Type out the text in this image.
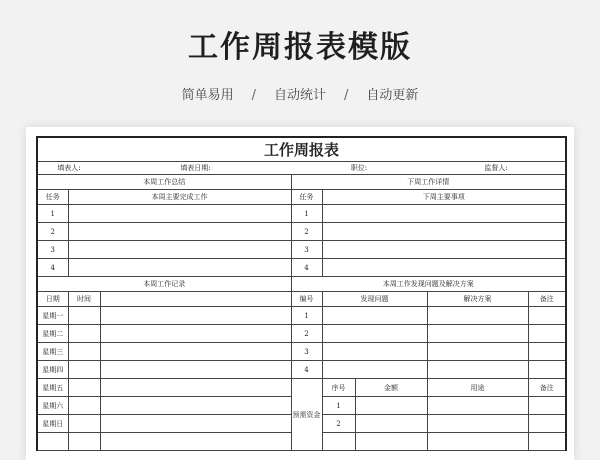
工作周报表模版
简单易用 / 自动统计 / 自动更新
工作周报表							
填表人:		填表日期:	职位:			监督人:	
本周工作总结			下周工作详情				
任务	本周主要完成工作		任务	下周主要事项			
1			1				
2			2				
3			3				
4			4				
本周工作记录			本周工作发现问题及解决方案				
日期	时间		编号	发现问题		解决方案	备注
星期一			1				
星期二			2				
星期三			3				
星期四			4				
星期五			预需资金	序号	金额	用途	备注
星期六				1			
星期日				2			
